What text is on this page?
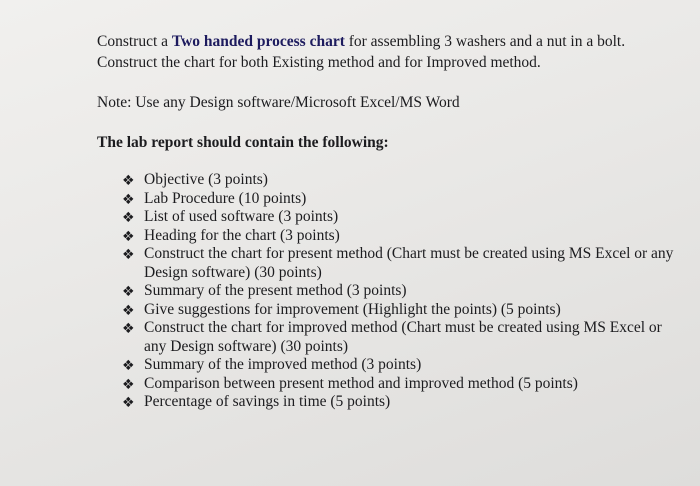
Construct a Two handed process chart for assembling 3 washers and a nut in a bolt.

Construct the chart for both Existing method and for Improved method.

Note: Use any Design software/Microsoft Excel/MS Word

The lab report should contain the following:

❖ Objective (3 points)
❖ Lab Procedure (10 points)
❖ List of used software (3 points)
❖ Heading for the chart (3 points)
❖ Construct the chart for present method (Chart must be created using MS Excel or any Design software) (30 points)
❖ Summary of the present method (3 points)
❖ Give suggestions for improvement (Highlight the points) (5 points)
❖ Construct the chart for improved method (Chart must be created using MS Excel or any Design software) (30 points)
❖ Summary of the improved method (3 points)
❖ Comparison between present method and improved method (5 points)
❖ Percentage of savings in time (5 points)
